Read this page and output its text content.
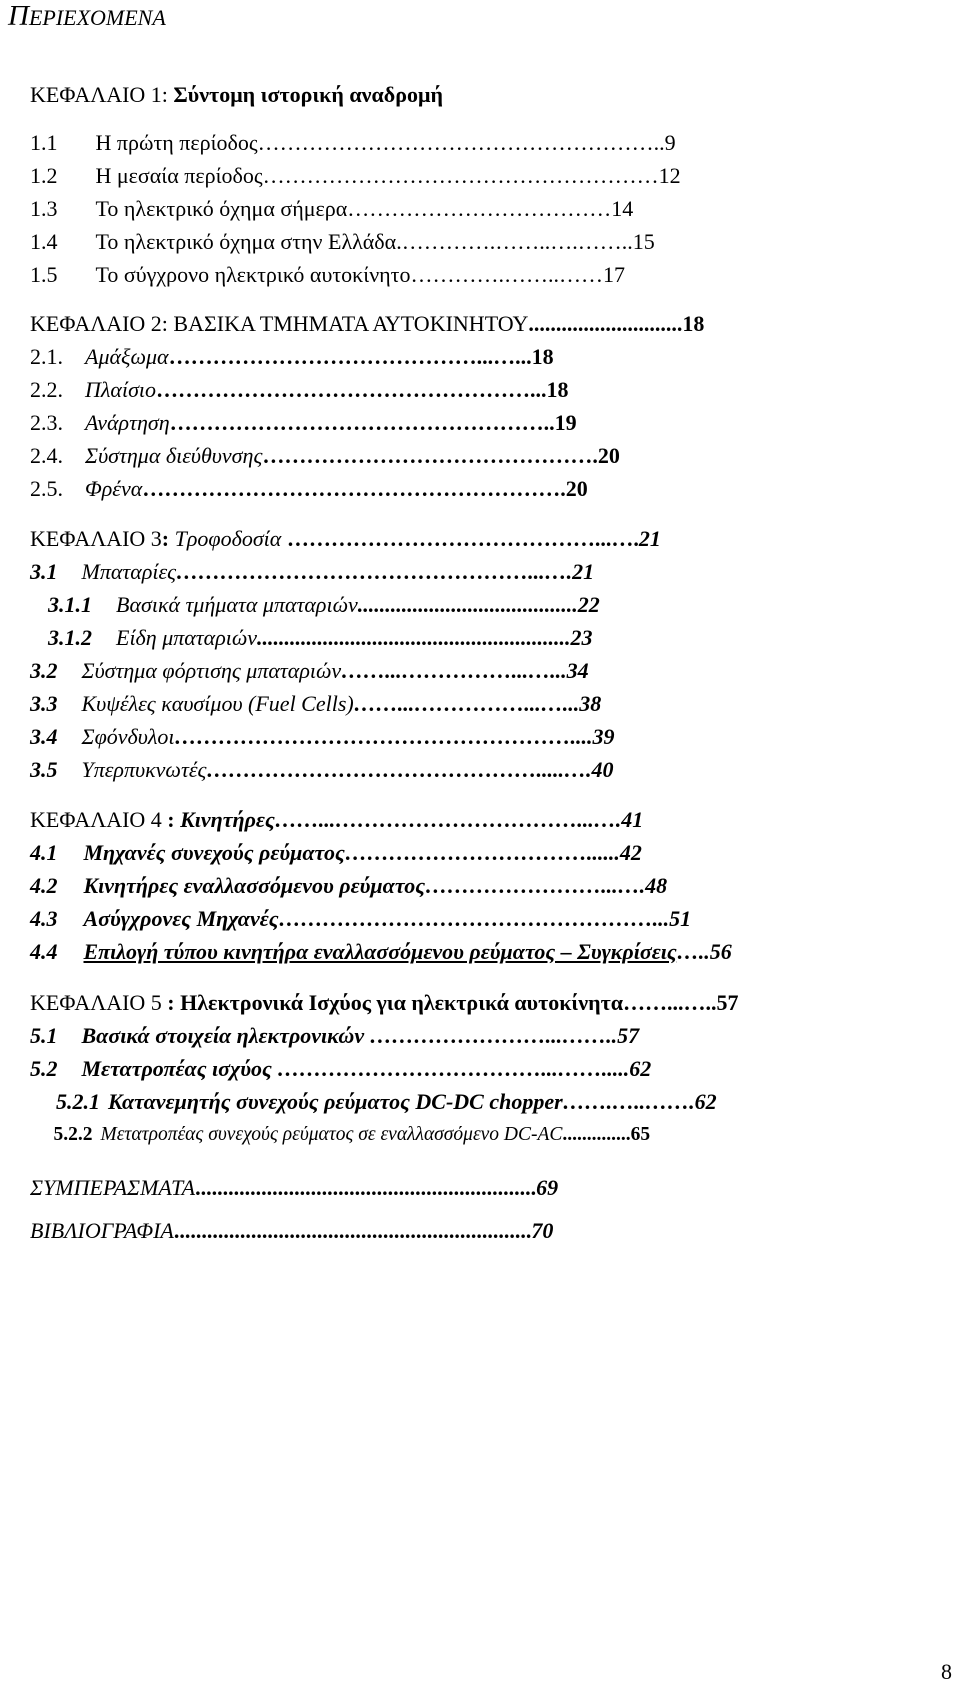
ΠΕΡΙΕΧΟΜΕΝΑ

ΚΕΦΑΛΑΙΟ 1: Σύντομη ιστορική αναδρομή

1.1 Η πρώτη περίοδος………………………………………………..9

1.2 Η μεσαία περίοδος………………………………………………12

1.3 Το ηλεκτρικό όχημα σήμερα………………………………14

1.4 Το ηλεκτρικό όχημα στην Ελλάδα.………….……..….……..15

1.5 Το σύγχρονο ηλεκτρικό αυτοκίνητο………….……..……17

ΚΕΦΑΛΑΙΟ 2: ΒΑΣΙΚΑ ΤΜΗΜΑΤΑ ΑΥΤΟΚΙΝΗΤΟΥ............................18

2.1. Αμάξωμα……………………………………...…...18

2.2. Πλαίσιο……………………………………………...18

2.3. Ανάρτηση……………………………………………..19

2.4. Σύστημα διεύθυνσης……………………………………….20

2.5. Φρένα………………………………………………….20

ΚΕΦΑΛΑΙΟ 3: Τροφοδοσία ……………………………………...….21

3.1 Μπαταρίες…………………………………………...….21

3.1.1 Βασικά τμήματα μπαταριών........................................22

3.1.2 Είδη μπαταριών.........................................................23

3.2 Σύστημα φόρτισης μπαταριών……...……………...…...34

3.3 Κυψέλες καυσίμου (Fuel Cells)……...……………...…...38

3.4 Σφόνδυλοι………………………………………………....39

3.5 Υπερπυκνωτές……………………………………….....….40

ΚΕΦΑΛΑΙΟ 4 : Κινητήρες……...……………………………...….41

4.1 Μηχανές συνεχούς ρεύματος……………………………......42

4.2 Κινητήρες εναλλασσόμενου ρεύματος……………………...….48

4.3 Ασύγχρονες Μηχανές……………………………………………...51

4.4 Επιλογή τύπου κινητήρα εναλλασσόμενου ρεύματος – Συγκρίσεις…..56

ΚΕΦΑΛΑΙΟ 5 : Ηλεκτρονικά Ισχύος για ηλεκτρικά αυτοκίνητα……...…..57

5.1 Βασικά στοιχεία ηλεκτρονικών ……………………...……..57

5.2 Μετατροπέας ισχύος ………………………………...…….....62

5.2.1 Κατανεμητής συνεχούς ρεύματος DC-DC chopper…….…..…….62

5.2.2 Μετατροπέας συνεχούς ρεύματος σε εναλλασσόμενο DC-AC..............65

ΣΥΜΠΕΡΑΣΜΑΤΑ..............................................................69

ΒΙΒΛΙΟΓΡΑΦΙΑ.................................................................70

8
